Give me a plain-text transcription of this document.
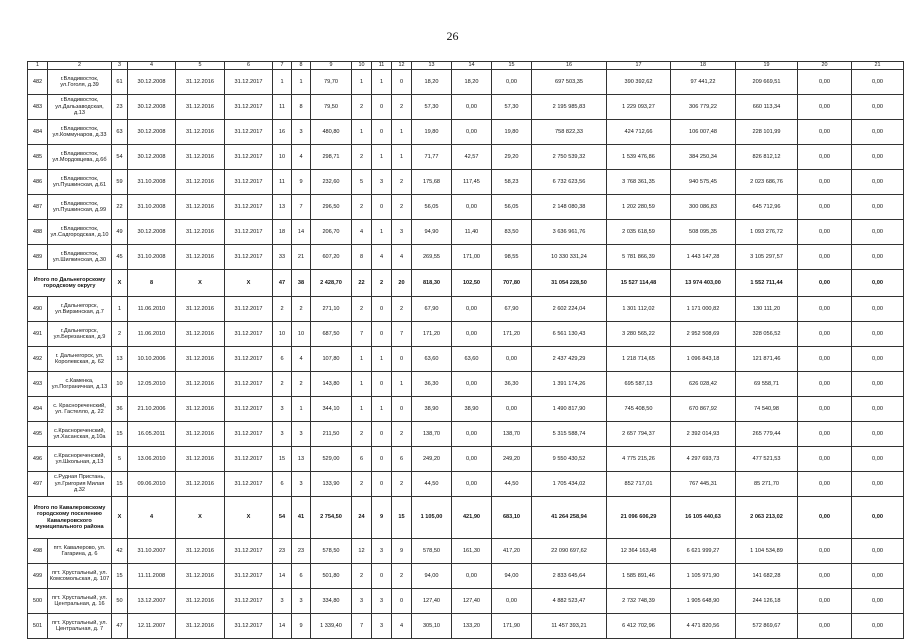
26
1	2	3	4	5	6	7	8	9	10	11	12	13	14	15	16	17	18	19	20	21
482	г.Владивосток, ул.Гоголя, д.39	61	30.12.2008	31.12.2016	31.12.2017	1	1	79,70	1	1	0	18,20	18,20	0,00	697 503,35	390 392,62	97 441,22	209 669,51	0,00	0,00
483	г.Владивосток, ул.Дальзаводская, д.13	23	30.12.2008	31.12.2016	31.12.2017	11	8	79,50	2	0	2	57,30	0,00	57,30	2 195 985,83	1 229 093,27	306 779,22	660 113,34	0,00	0,00
484	г.Владивосток, ул.Коммунаров, д.33	63	30.12.2008	31.12.2016	31.12.2017	16	3	480,80	1	0	1	19,80	0,00	19,80	758 822,33	424 712,66	106 007,48	228 101,99	0,00	0,00
485	г.Владивосток, ул.Мордовцева, д.6б	54	30.12.2008	31.12.2016	31.12.2017	10	4	298,71	2	1	1	71,77	42,57	29,20	2 750 539,32	1 539 476,86	384 250,34	826 812,12	0,00	0,00
486	г.Владивосток, ул.Пушкинская, д.61	59	31.10.2008	31.12.2016	31.12.2017	11	9	232,60	5	3	2	175,68	117,45	58,23	6 732 623,56	3 768 361,35	940 575,45	2 023 686,76	0,00	0,00
487	г.Владивосток, ул.Пушкинская, д.99	22	31.10.2008	31.12.2016	31.12.2017	13	7	296,50	2	0	2	56,05	0,00	56,05	2 148 080,38	1 202 280,59	300 086,83	645 712,96	0,00	0,00
488	г.Владивосток, ул.Садгородская, д.10	49	30.12.2008	31.12.2016	31.12.2017	18	14	206,70	4	1	3	94,90	11,40	83,50	3 636 961,76	2 035 618,59	508 095,35	1 093 276,72	0,00	0,00
489	г.Владивосток, ул.Шилкинская, д.30	45	31.10.2008	31.12.2016	31.12.2017	33	21	607,20	8	4	4	269,55	171,00	98,55	10 330 331,24	5 781 866,39	1 443 147,28	3 105 297,57	0,00	0,00
Итого по Дальнегорскому городскому округу		X	8	X	X	47	38	2 428,70	22	2	20	818,30	102,50	707,80	31 054 228,50	15 527 114,48	13 974 403,00	1 552 711,44	0,00	0,00
490	г.Дальнегорск, ул.Вирзинская, д.7	1	11.06.2010	31.12.2016	31.12.2017	2	2	271,10	2	0	2	67,90	0,00	67,90	2 602 224,04	1 301 112,02	1 171 000,82	130 111,20	0,00	0,00
491	г.Дальнегорск, ул.Березанская, д.9	2	11.06.2010	31.12.2016	31.12.2017	10	10	687,50	7	0	7	171,20	0,00	171,20	6 561 130,43	3 280 565,22	2 952 508,69	328 056,52	0,00	0,00
492	г. Дальнегорск, ул. Королевская, д. 62	13	10.10.2006	31.12.2016	31.12.2017	6	4	107,80	1	1	0	63,60	63,60	0,00	2 437 429,29	1 218 714,65	1 096 843,18	121 871,46	0,00	0,00
493	с.Каменка, ул.Пограничная, д.13	10	12.05.2010	31.12.2016	31.12.2017	2	2	143,80	1	0	1	36,30	0,00	36,30	1 391 174,26	695 587,13	626 028,42	69 558,71	0,00	0,00
494	с. Краснореченский, ул. Гастелло, д. 22	36	21.10.2006	31.12.2016	31.12.2017	3	1	344,10	1	1	0	38,90	38,90	0,00	1 490 817,90	745 408,50	670 867,92	74 540,98	0,00	0,00
495	с.Краснореченский, ул.Хасанская, д.10а	15	16.05.2011	31.12.2016	31.12.2017	3	3	211,50	2	0	2	138,70	0,00	138,70	5 315 588,74	2 657 794,37	2 392 014,93	265 779,44	0,00	0,00
496	с.Краснореченский, ул.Школьная, д.13	5	13.06.2010	31.12.2016	31.12.2017	15	13	529,00	6	0	6	249,20	0,00	249,20	9 550 430,52	4 775 215,26	4 297 693,73	477 521,53	0,00	0,00
497	с.Рудная Пристань, ул.Григория Милая д.32	15	09.06.2010	31.12.2016	31.12.2017	6	3	133,90	2	0	2	44,50	0,00	44,50	1 705 434,02	852 717,01	767 445,31	85 271,70	0,00	0,00
Итого по Кавалеровскому городскому поселению Кавалеровского муниципального района		X	4	X	X	54	41	2 754,50	24	9	15	1 105,00	421,90	683,10	41 264 258,94	21 096 606,29	16 105 440,63	2 063 213,02	0,00	0,00
498	пгт. Кавалерово, ул. Гагарина, д. 6	42	31.10.2007	31.12.2016	31.12.2017	23	23	578,50	12	3	9	578,50	161,30	417,20	22 090 697,62	12 364 163,48	6 621 999,27	1 104 534,89	0,00	0,00
499	пгт. Хрустальный, ул. Комсомольская, д. 107	15	11.11.2008	31.12.2016	31.12.2017	14	6	501,80	2	0	2	94,00	0,00	94,00	2 833 645,64	1 585 891,46	1 105 971,90	141 682,28	0,00	0,00
500	пгт. Хрустальный, ул. Центральная, д. 16	50	13.12.2007	31.12.2016	31.12.2017	3	3	334,80	3	3	0	127,40	127,40	0,00	4 882 523,47	2 732 748,39	1 905 648,90	244 126,18	0,00	0,00
501	пгт. Хрустальный, ул. Центральная, д. 7	47	12.11.2007	31.12.2016	31.12.2017	14	9	1 339,40	7	3	4	305,10	133,20	171,90	11 457 393,21	6 412 702,96	4 471 820,56	572 869,67	0,00	0,00
